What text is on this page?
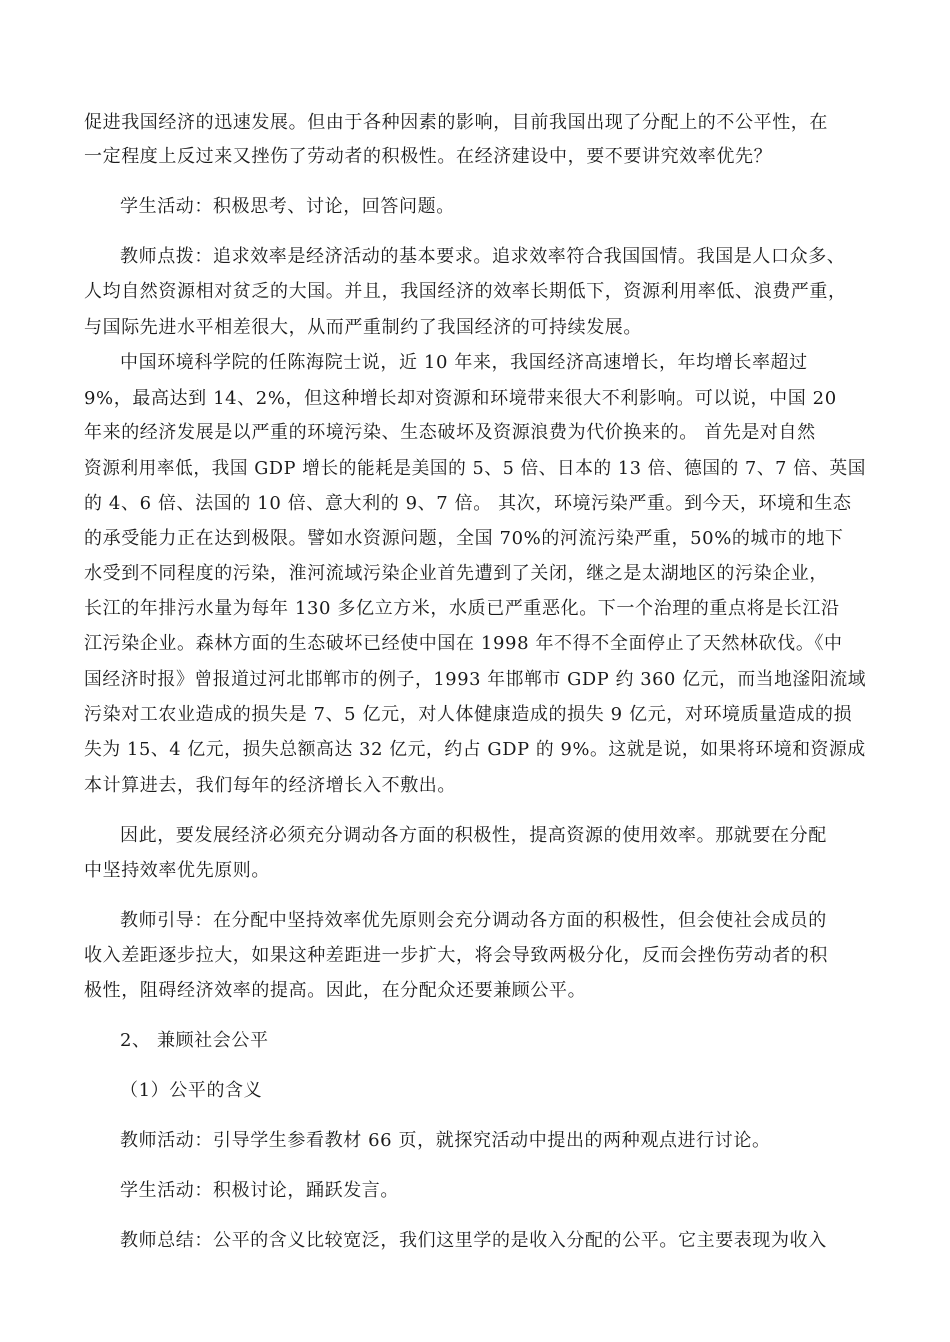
促进我国经济的迅速发展。但由于各种因素的影响，目前我国出现了分配上的不公平性，在
一定程度上反过来又挫伤了劳动者的积极性。在经济建设中，要不要讲究效率优先？
学生活动：积极思考、讨论，回答问题。
教师点拨：追求效率是经济活动的基本要求。追求效率符合我国国情。我国是人口众多、
人均自然资源相对贫乏的大国。并且，我国经济的效率长期低下，资源利用率低、浪费严重，
与国际先进水平相差很大，从而严重制约了我国经济的可持续发展。
中国环境科学院的任陈海院士说，近 10 年来，我国经济高速增长，年均增长率超过
9%，最高达到 14、2%，但这种增长却对资源和环境带来很大不利影响。可以说，中国 20
年来的经济发展是以严重的环境污染、生态破坏及资源浪费为代价换来的。 首先是对自然
资源利用率低，我国 GDP 增长的能耗是美国的 5、5 倍、日本的 13 倍、德国的 7、7 倍、英国
的 4、6 倍、法国的 10 倍、意大利的 9、7 倍。 其次，环境污染严重。到今天，环境和生态
的承受能力正在达到极限。譬如水资源问题，全国 70%的河流污染严重，50%的城市的地下
水受到不同程度的污染，淮河流域污染企业首先遭到了关闭，继之是太湖地区的污染企业，
长江的年排污水量为每年 130 多亿立方米，水质已严重恶化。下一个治理的重点将是长江沿
江污染企业。森林方面的生态破坏已经使中国在 1998 年不得不全面停止了天然林砍伐。《中
国经济时报》曾报道过河北邯郸市的例子，1993 年邯郸市 GDP 约 360 亿元，而当地滏阳流域
污染对工农业造成的损失是 7、5 亿元，对人体健康造成的损失 9 亿元，对环境质量造成的损
失为 15、4 亿元，损失总额高达 32 亿元，约占 GDP 的 9%。这就是说，如果将环境和资源成
本计算进去，我们每年的经济增长入不敷出。
因此，要发展经济必须充分调动各方面的积极性，提高资源的使用效率。那就要在分配
中坚持效率优先原则。
教师引导：在分配中坚持效率优先原则会充分调动各方面的积极性，但会使社会成员的
收入差距逐步拉大，如果这种差距进一步扩大，将会导致两极分化，反而会挫伤劳动者的积
极性，阻碍经济效率的提高。因此，在分配众还要兼顾公平。
2、 兼顾社会公平
（1）公平的含义
教师活动：引导学生参看教材 66 页，就探究活动中提出的两种观点进行讨论。
学生活动：积极讨论，踊跃发言。
教师总结：公平的含义比较宽泛，我们这里学的是收入分配的公平。它主要表现为收入
